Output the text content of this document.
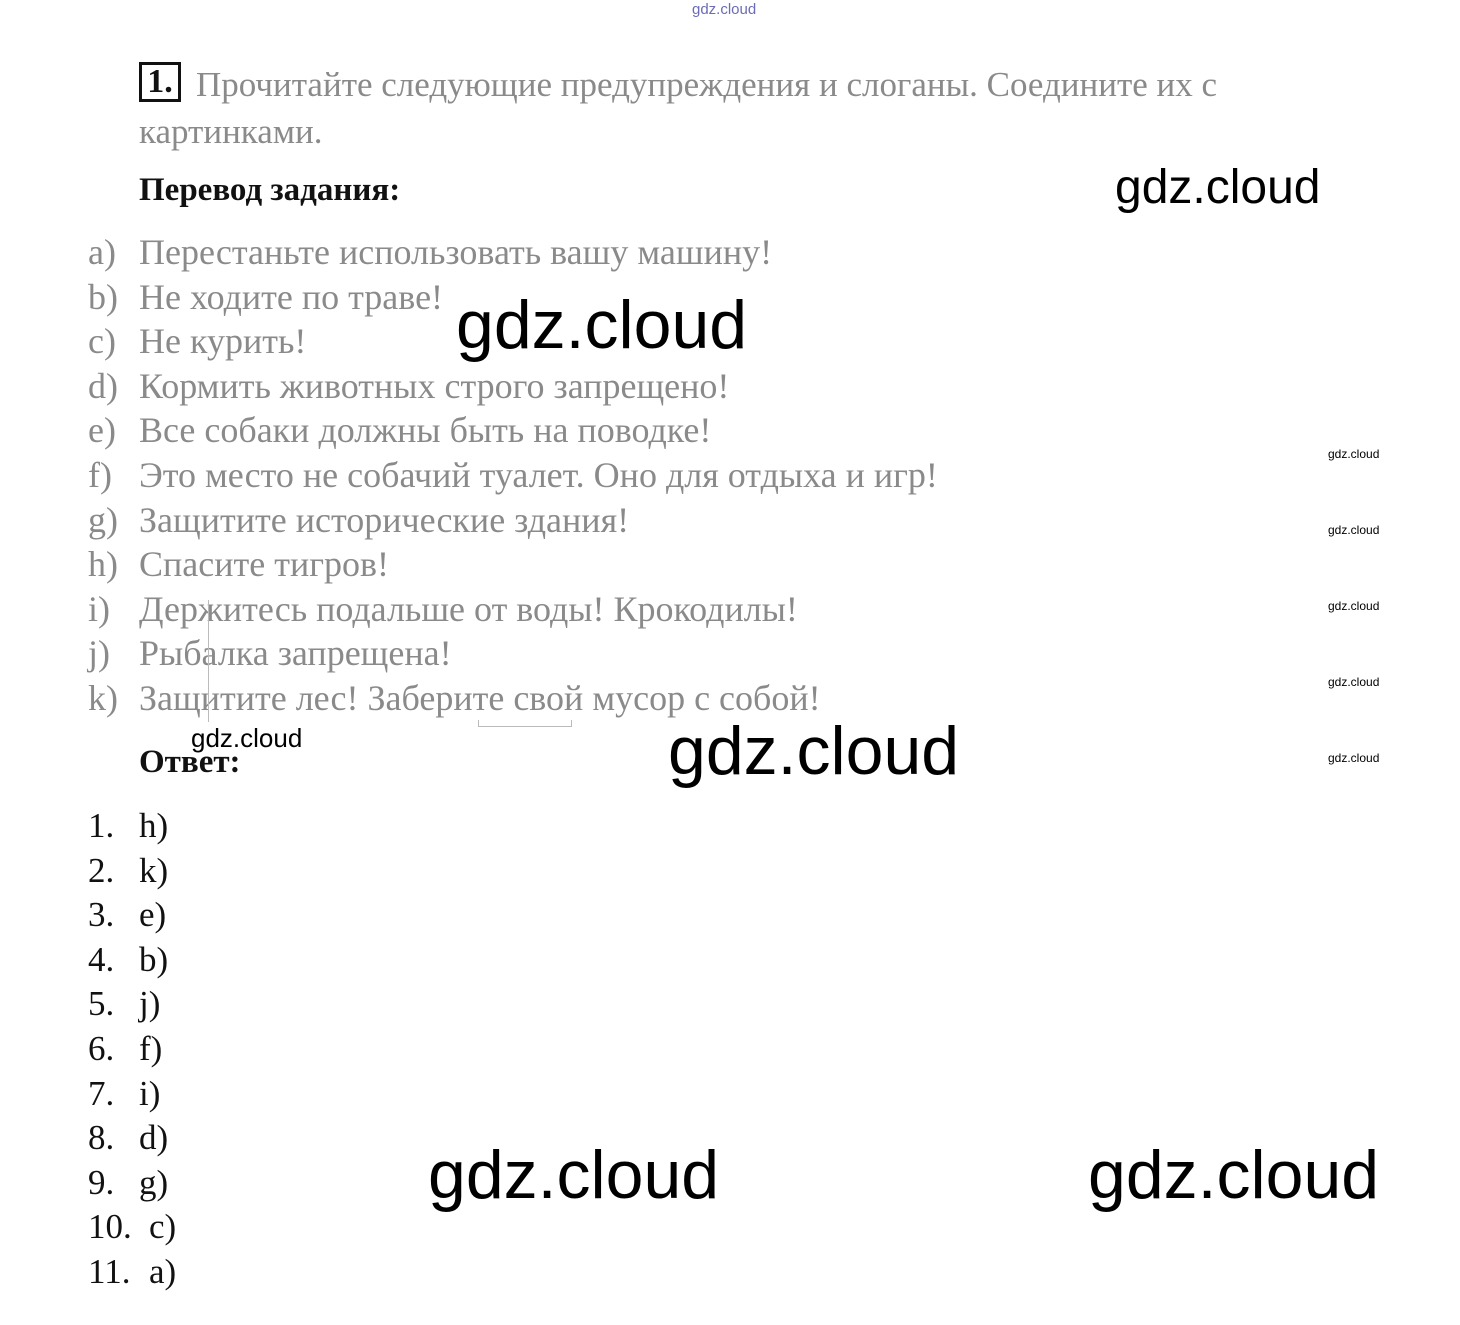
gdz.cloud
1. Прочитайте следующие предупреждения и слоганы. Соедините их с
картинками.
Перевод задания:	gdz.cloud
a) Перестаньте использовать вашу машину!
b) Не ходите по траве!
c) Не курить!
d) Кормить животных строго запрещено!
e) Все собаки должны быть на поводке!
f) Это место не собачий туалет. Оно для отдыха и игр!
g) Защитите исторические здания!
h) Спасите тигров!
i) Держитесь подальше от воды! Крокодилы!
j) Рыбалка запрещена!
k) Защитите лес! Заберите свой мусор с собой!
gdz.cloud
gdz.cloud
gdz.cloud
gdz.cloud
gdz.cloud
gdz.cloud
gdz.cloud
gdz.cloud
Ответ:
1. h)
2. k)
3. e)
4. b)
5. j)
6. f)
7. i)
8. d)
9. g)
10. c)
11. a)
gdz.cloud	gdz.cloud
